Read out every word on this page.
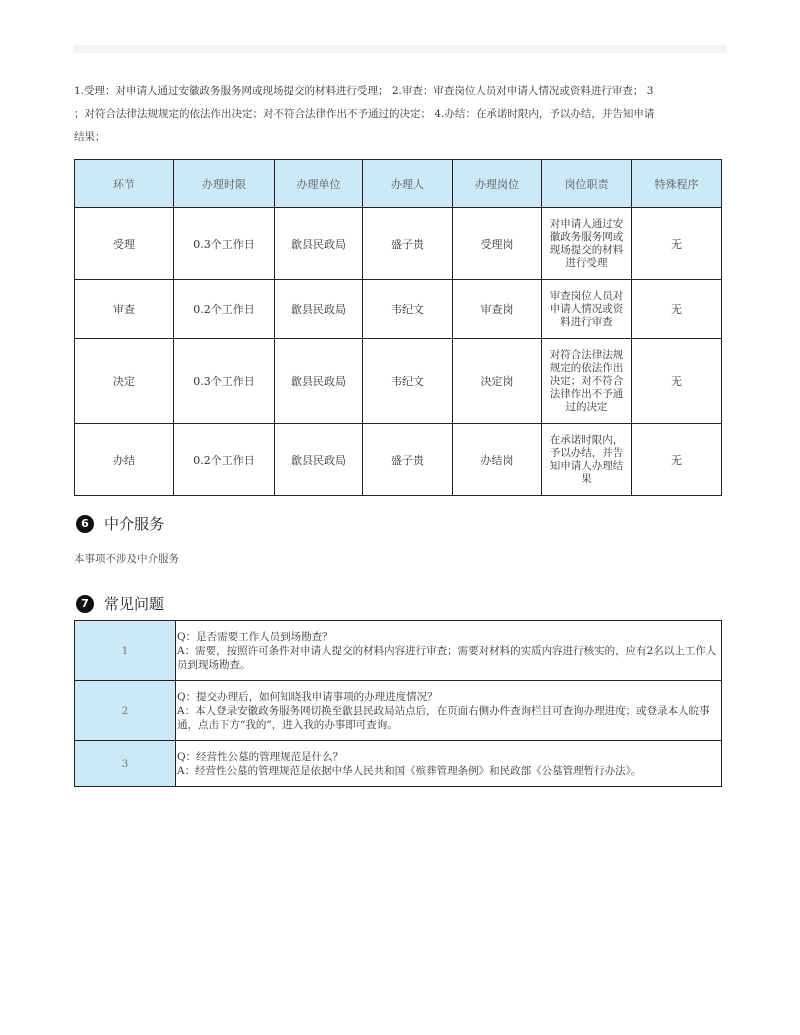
1.受理：对申请人通过安徽政务服务网或现场提交的材料进行受理； 2.审查：审查岗位人员对申请人情况或资料进行审查； 3
；对符合法律法规规定的依法作出决定；对不符合法律作出不予通过的决定； 4.办结：在承诺时限内，予以办结，并告知申请
结果；
环节	办理时限	办理单位	办理人	办理岗位	岗位职责	特殊程序
受理	0.3个工作日	歙县民政局	盛子贵	受理岗	对申请人通过安徽政务服务网或现场提交的材料进行受理	无
审查	0.2个工作日	歙县民政局	韦纪文	审查岗	审查岗位人员对申请人情况或资料进行审查	无
决定	0.3个工作日	歙县民政局	韦纪文	决定岗	对符合法律法规规定的依法作出决定；对不符合法律作出不予通过的决定	无
办结	0.2个工作日	歙县民政局	盛子贵	办结岗	在承诺时限内，予以办结，并告知申请人办理结果	无
6	中介服务
本事项不涉及中介服务
7	常见问题
1	Q：是否需要工作人员到场勘查？

A：需要，按照许可条件对申请人提交的材料内容进行审查；需要对材料的实质内容进行核实的，应有2名以上工作人员到现场勘查。

2	Q：提交办理后，如何知晓我申请事项的办理进度情况？

A：本人登录安徽政务服务网切换至歙县民政局站点后，在页面右侧办件查询栏目可查询办理进度；或登录本人皖事通，点击下方“我的”，进入我的办事即可查询。

3	Q：经营性公墓的管理规范是什么？

A：经营性公墓的管理规范是依据中华人民共和国《殡葬管理条例》和民政部《公墓管理暂行办法》。
